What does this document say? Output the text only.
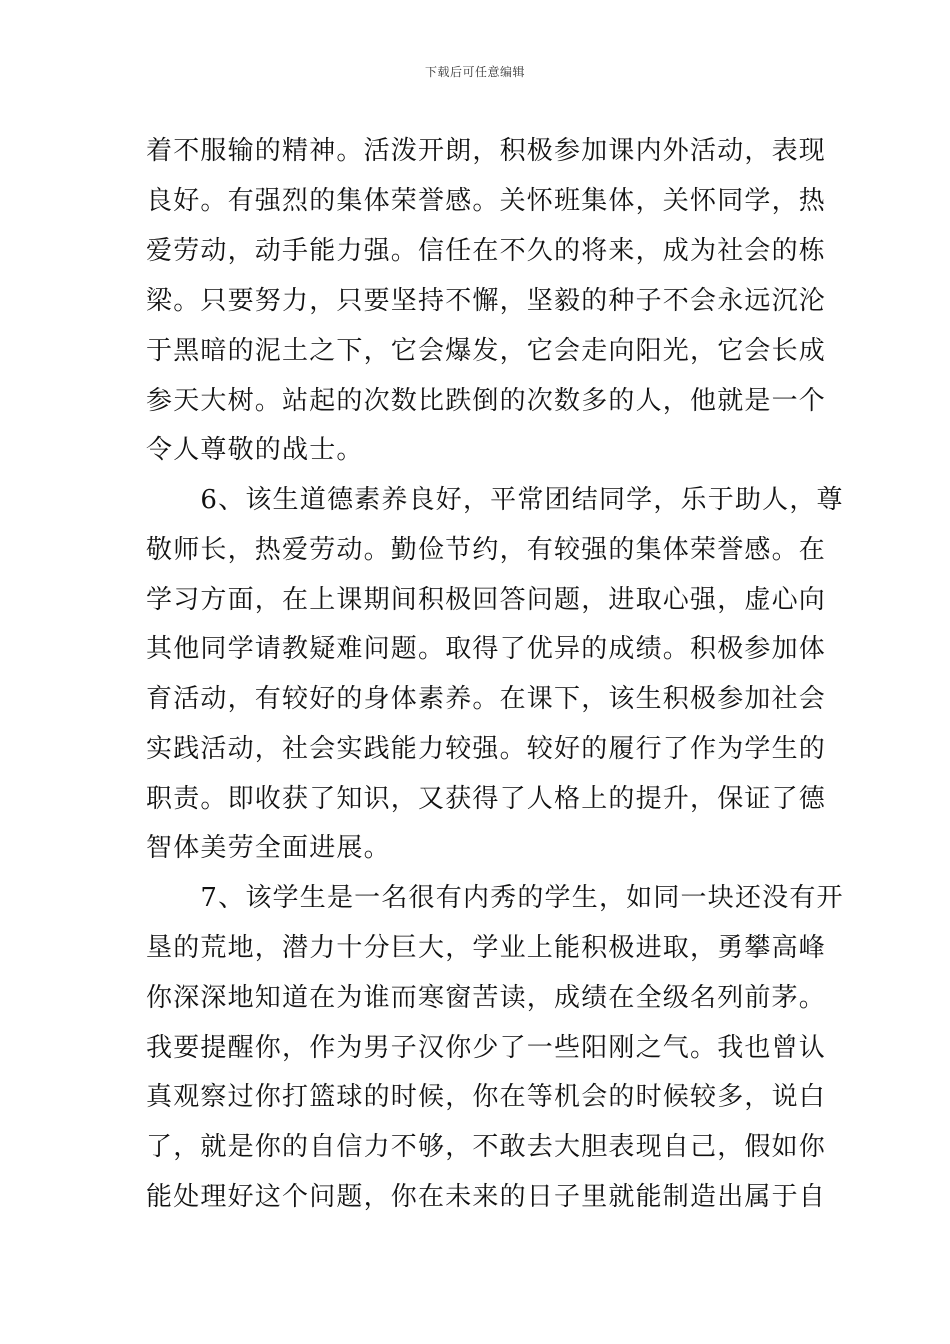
下载后可任意编辑
着不服输的精神。活泼开朗，积极参加课内外活动，表现
良好。有强烈的集体荣誉感。关怀班集体，关怀同学，热
爱劳动，动手能力强。信任在不久的将来，成为社会的栋
梁。只要努力，只要坚持不懈，坚毅的种子不会永远沉沦
于黑暗的泥土之下，它会爆发，它会走向阳光，它会长成
参天大树。站起的次数比跌倒的次数多的人，他就是一个
令人尊敬的战士。
　　6、该生道德素养良好，平常团结同学，乐于助人，尊
敬师长，热爱劳动。勤俭节约，有较强的集体荣誉感。在
学习方面，在上课期间积极回答问题，进取心强，虚心向
其他同学请教疑难问题。取得了优异的成绩。积极参加体
育活动，有较好的身体素养。在课下，该生积极参加社会
实践活动，社会实践能力较强。较好的履行了作为学生的
职责。即收获了知识，又获得了人格上的提升，保证了德
智体美劳全面进展。
　　7、该学生是一名很有内秀的学生，如同一块还没有开
垦的荒地，潜力十分巨大，学业上能积极进取，勇攀高峰
你深深地知道在为谁而寒窗苦读，成绩在全级名列前茅。
我要提醒你，作为男子汉你少了一些阳刚之气。我也曾认
真观察过你打篮球的时候，你在等机会的时候较多，说白
了，就是你的自信力不够，不敢去大胆表现自己，假如你
能处理好这个问题，你在未来的日子里就能制造出属于自
